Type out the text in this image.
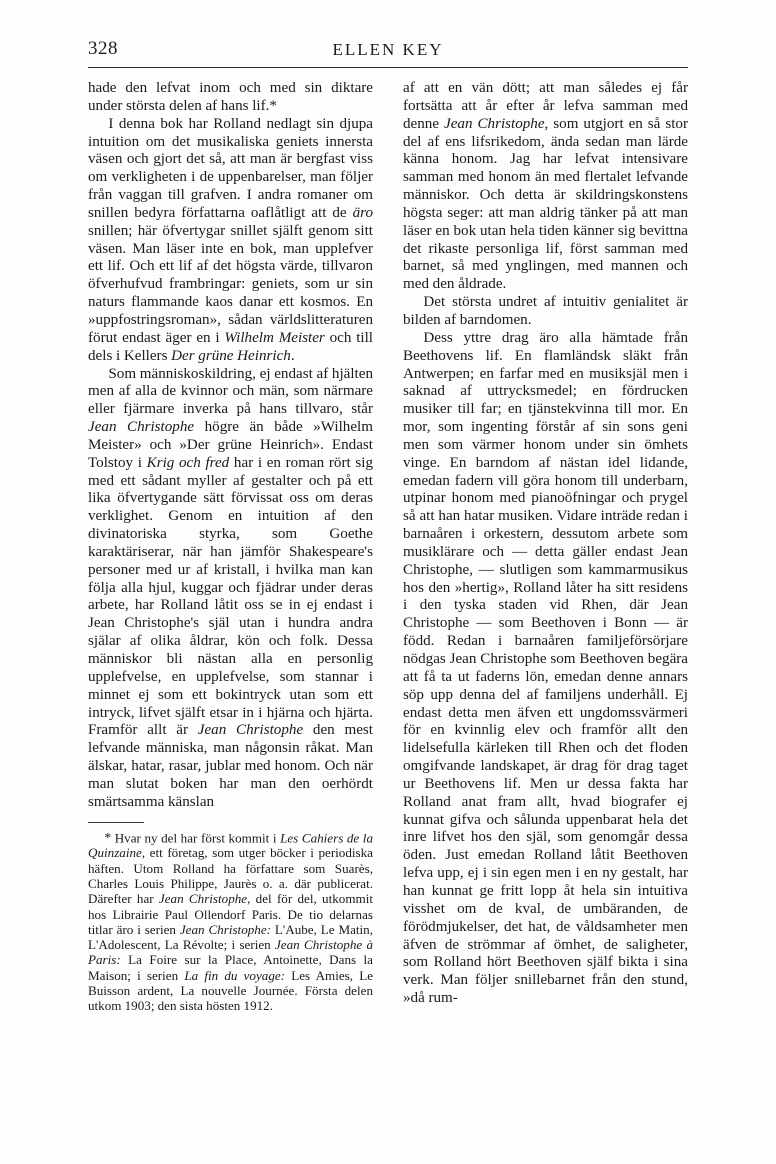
328	ELLEN KEY

hade den lefvat inom och med sin diktare under största delen af hans lif.*

I denna bok har Rolland nedlagt sin djupa intuition om det musikaliska geniets innersta väsen och gjort det så, att man är bergfast viss om verkligheten i de uppenbarelser, man följer från vaggan till grafven. I andra romaner om snillen bedyra författarna oaflåtligt att de äro snillen; här öfvertygar snillet själft genom sitt väsen. Man läser inte en bok, man upplefver ett lif. Och ett lif af det högsta värde, tillvaron öfverhufvud frambringar: geniets, som ur sin naturs flammande kaos danar ett kosmos. En »uppfostringsroman», sådan världslitteraturen förut endast äger en i Wilhelm Meister och till dels i Kellers Der grüne Heinrich.

Som människoskildring, ej endast af hjälten men af alla de kvinnor och män, som närmare eller fjärmare inverka på hans tillvaro, står Jean Christophe högre än både »Wilhelm Meister» och »Der grüne Heinrich». Endast Tolstoy i Krig och fred har i en roman rört sig med ett sådant myller af gestalter och på ett lika öfvertygande sätt förvissat oss om deras verklighet. Genom en intuition af den divinatoriska styrka, som Goethe karaktäriserar, när han jämför Shakespeare's personer med ur af kristall, i hvilka man kan följa alla hjul, kuggar och fjädrar under deras arbete, har Rolland låtit oss se in ej endast i Jean Christophe's själ utan i hundra andra själar af olika åldrar, kön och folk. Dessa människor bli nästan alla en personlig upplefvelse, en upplefvelse, som stannar i minnet ej som ett bokintryck utan som ett intryck, lifvet själft etsar in i hjärna och hjärta. Framför allt är Jean Christophe den mest lefvande människa, man någonsin råkat. Man älskar, hatar, rasar, jublar med honom. Och när man slutat boken har man den oerhördt smärtsamma känslan

* Hvar ny del har först kommit i Les Cahiers de la Quinzaine, ett företag, som utger böcker i periodiska häften. Utom Rolland ha författare som Suarès, Charles Louis Philippe, Jaurès o. a. där publicerat. Därefter har Jean Christophe, del för del, utkommit hos Librairie Paul Ollendorf Paris. De tio delarnas titlar äro i serien Jean Christophe: L'Aube, Le Matin, L'Adolescent, La Révolte; i serien Jean Christophe à Paris: La Foire sur la Place, Antoinette, Dans la Maison; i serien La fin du voyage: Les Amies, Le Buisson ardent, La nouvelle Journée. Första delen utkom 1903; den sista hösten 1912.

af att en vän dött; att man således ej får fortsätta att år efter år lefva samman med denne Jean Christophe, som utgjort en så stor del af ens lifsrikedom, ända sedan man lärde känna honom. Jag har lefvat intensivare samman med honom än med flertalet lefvande människor. Och detta är skildringskonstens högsta seger: att man aldrig tänker på att man läser en bok utan hela tiden känner sig bevittna det rikaste personliga lif, först samman med barnet, så med ynglingen, med mannen och med den åldrade.

Det största undret af intuitiv genialitet är bilden af barndomen.

Dess yttre drag äro alla hämtade från Beethovens lif. En flamländsk släkt från Antwerpen; en farfar med en musiksjäl men i saknad af uttrycksmedel; en fördrucken musiker till far; en tjänstekvinna till mor. En mor, som ingenting förstår af sin sons geni men som värmer honom under sin ömhets vinge. En barndom af nästan idel lidande, emedan fadern vill göra honom till underbarn, utpinar honom med pianoöfningar och prygel så att han hatar musiken. Vidare inträde redan i barnaåren i orkestern, dessutom arbete som musiklärare och — detta gäller endast Jean Christophe, — slutligen som kammarmusikus hos den »hertig», Rolland låter ha sitt residens i den tyska staden vid Rhen, där Jean Christophe — som Beethoven i Bonn — är född. Redan i barnaåren familjeförsörjare nödgas Jean Christophe som Beethoven begära att få ta ut faderns lön, emedan denne annars söp upp denna del af familjens underhåll. Ej endast detta men äfven ett ungdomssvärmeri för en kvinnlig elev och framför allt den lidelsefulla kärleken till Rhen och det floden omgifvande landskapet, är drag för drag taget ur Beethovens lif. Men ur dessa fakta har Rolland anat fram allt, hvad biografer ej kunnat gifva och sålunda uppenbarat hela det inre lifvet hos den själ, som genomgår dessa öden. Just emedan Rolland låtit Beethoven lefva upp, ej i sin egen men i en ny gestalt, har han kunnat ge fritt lopp åt hela sin intuitiva visshet om de kval, de umbäranden, de förödmjukelser, det hat, de våldsamheter men äfven de strömmar af ömhet, de saligheter, som Rolland hört Beethoven själf bikta i sina verk. Man följer snillebarnet från den stund, »då rum-
